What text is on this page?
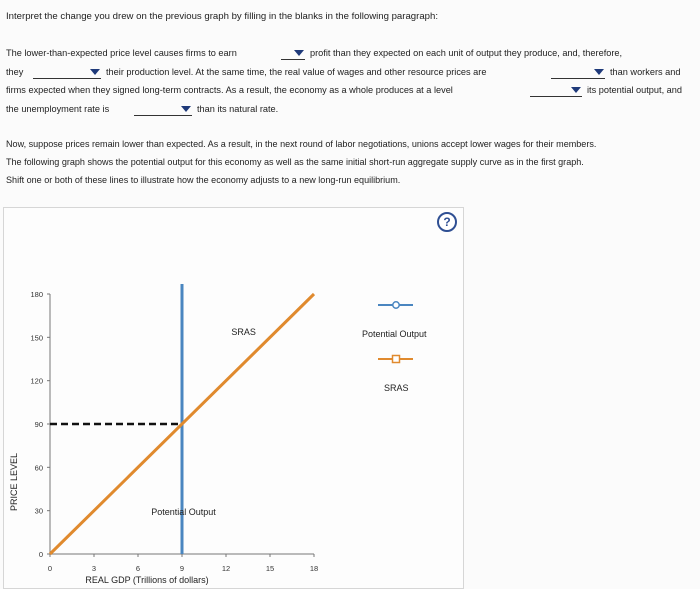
Interpret the change you drew on the previous graph by filling in the blanks in the following paragraph:
The lower-than-expected price level causes firms to earn	profit than they expected on each unit of output they produce, and, therefore,
they	their production level. At the same time, the real value of wages and other resource prices are	than workers and
firms expected when they signed long-term contracts. As a result, the economy as a whole produces at a level	its potential output, and
the unemployment rate is	than its natural rate.
Now, suppose prices remain lower than expected. As a result, in the next round of labor negotiations, unions accept lower wages for their members.
The following graph shows the potential output for this economy as well as the same initial short-run aggregate supply curve as in the first graph.
Shift one or both of these lines to illustrate how the economy adjusts to a new long-run equilibrium.
0
30
60
90
120
150
180
0	3	6	9	12	15	18
REAL GDP (Trillions of dollars)
PRICE LEVEL
SRAS
Potential Output
Potential Output
SRAS
?
